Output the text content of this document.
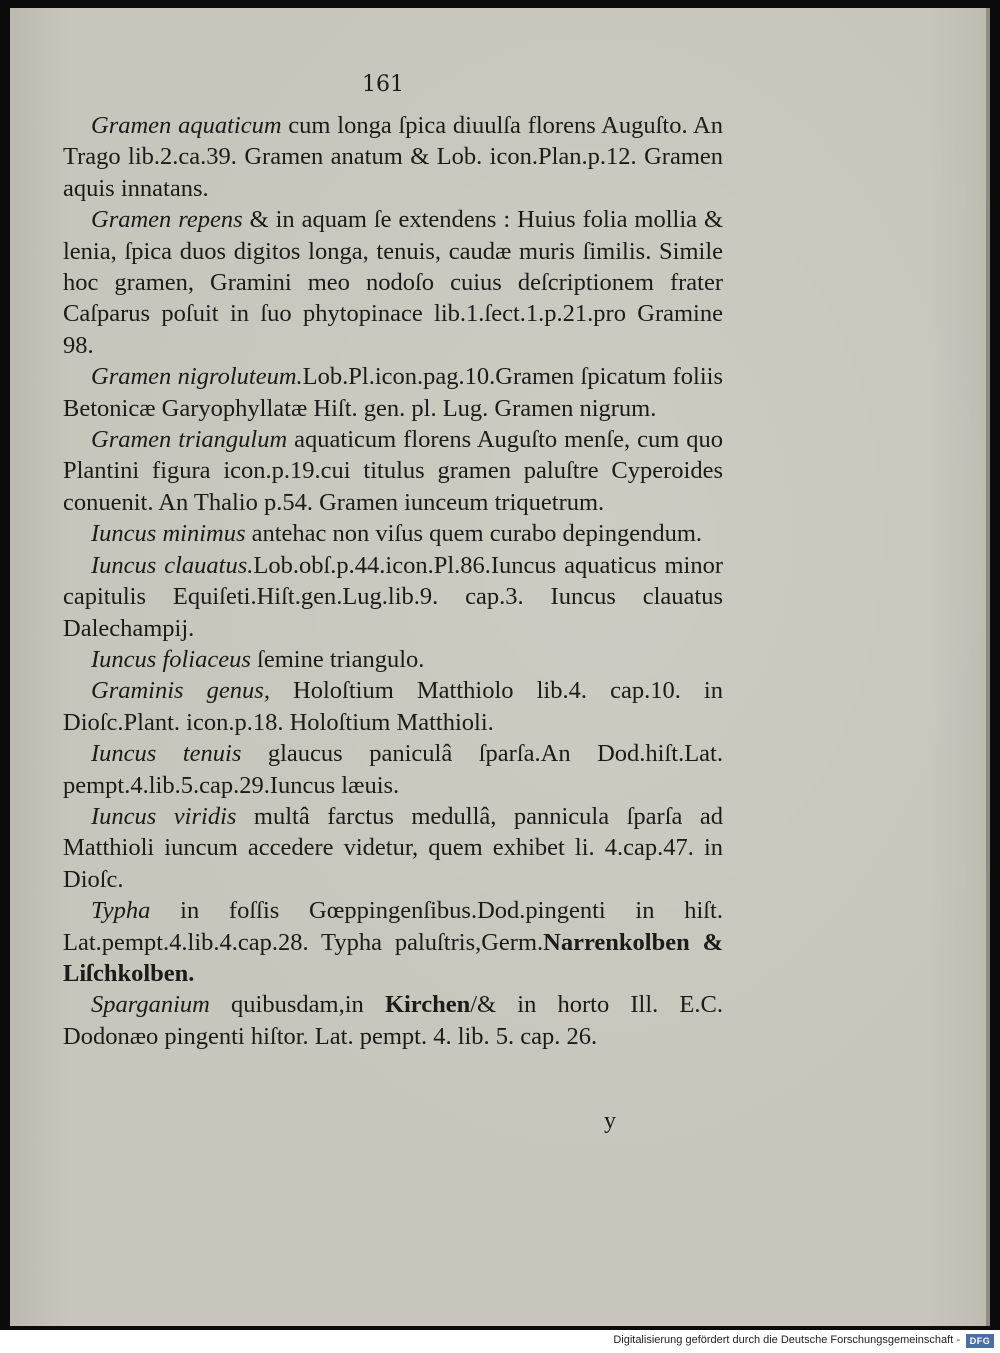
161

Gramen aquaticum cum longa ſpica diuulſa florens Auguſto. An Trago lib.2.ca.39. Gramen anatum & Lob. icon.Plan.p.12. Gramen aquis innatans.

Gramen repens & in aquam ſe extendens : Huius folia mollia & lenia, ſpica duos digitos longa, tenuis, caudæ muris ſimilis. Simile hoc gramen, Gramini meo nodoſo cuius deſcriptionem frater Caſparus poſuit in ſuo phytopinace lib.1.ſect.1.p.21.pro Gramine 98.

Gramen nigroluteum.Lob.Pl.icon.pag.10.Gramen ſpicatum foliis Betonicæ Garyophyllatæ Hiſt. gen. pl. Lug. Gramen nigrum.

Gramen triangulum aquaticum florens Auguſto menſe, cum quo Plantini figura icon.p.19.cui titulus gramen paluſtre Cyperoides conuenit. An Thalio p.54. Gramen iunceum triquetrum.

Iuncus minimus antehac non viſus quem curabo depingendum.

Iuncus clauatus.Lob.obſ.p.44.icon.Pl.86.Iuncus aquaticus minor capitulis Equiſeti.Hiſt.gen.Lug.lib.9. cap.3. Iuncus clauatus Dalechampij.

Iuncus foliaceus ſemine triangulo.

Graminis genus, Holoſtium Matthiolo lib.4. cap.10. in Dioſc.Plant. icon.p.18. Holoſtium Matthioli.

Iuncus tenuis glaucus paniculâ ſparſa.An Dod.hiſt.Lat. pempt.4.lib.5.cap.29.Iuncus læuis.

Iuncus viridis multâ farctus medullâ, pannicula ſparſa ad Matthioli iuncum accedere videtur, quem exhibet li. 4.cap.47. in Dioſc.

Typha in foſſis Gœppingenſibus.Dod.pingenti in hiſt. Lat.pempt.4.lib.4.cap.28. Typha paluſtris,Germ.Narrenkolben & Liſchkolben.

Sparganium quibusdam,in Kirchen/& in horto Ill. E.C. Dodonæo pingenti hiſtor. Lat. pempt. 4. lib. 5. cap. 26.

y
Digitalisierung gefördert durch die Deutsche Forschungsgemeinschaft -	DFG
